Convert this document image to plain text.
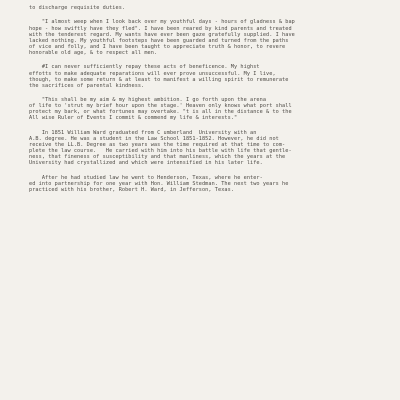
to discharge requisite duties.
"I almost weep when I look back over my youthful days - hours of gladness & bap
hope - how swiftly have they fled". I have been reared by kind parents and treated
with the tenderest regard. My wants have ever been gaze gratefully supplied. I have
lacked nothing. My youthful footsteps have been guarded and turned from the paths
of vice and folly, and I have been taught to appreciate truth & honor, to revere
honorable old age, & to respect all men.
#I can never sufficiently repay these acts of beneficence. My highst
effotts to make adequate reparations will ever prove unsuccessful. My I live,
though, to make some return & at least to manifest a willing spirit to remunerate
the sacrifices of parental kindness.
"This shall be my aim & my highest ambition. I go forth upon the arena
of life to 'strut my brief hour upon the stage.' Heaven only knows what port shall
protect my bark, or what fortunes may overtake. "t is all in the distance & to the
All wise Ruler of Events I commit & commend my life & interests."
In 1851 William Ward graduated from C umberland  University with an
A.B. degree. He was a student in the Law School 1851-1852. However, he did not
receive the LL.B. Degree as two years was the time required at that time to com-
plete the law course.   He carried with him into his battle with life that gentle-
ness, that fineness of susceptibility and that manliness, which the years at the
University had crystallized and which were intensified in his later life.
After he had studied law he went to Henderson, Texas, where he enter-
ed into partnership for one year with Hon. William Stedman. The next two years he
practiced with his brother, Robert H. Ward, in Jefferson, Texas.
